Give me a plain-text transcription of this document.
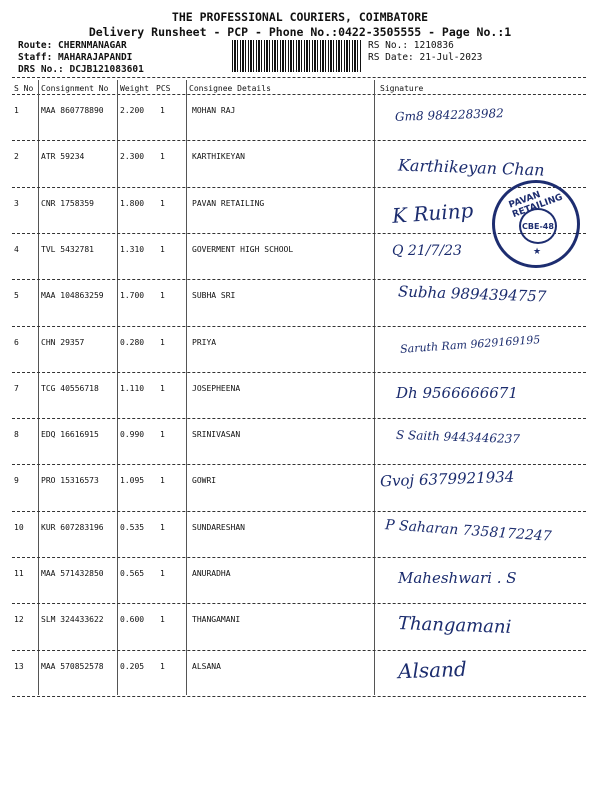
THE PROFESSIONAL COURIERS, COIMBATORE
Delivery Runsheet - PCP - Phone No.:0422-3505555 - Page No.:1
Route: CHERNMANAGAR
Staff: MAHARAJAPANDI
DRS No.: DCJB121083601
RS No.: 1210836
RS Date: 21-Jul-2023
S No Consignment No Weight PCS Consignee Details	Signature
1	MAA 860778890 2.200 1	MOHAN RAJ	Gm8 9842283982
2	ATR 59234	2.300 1	KARTHIKEYAN	Karthikeyan Chan
3	CNR 1758359	1.800 1	PAVAN RETAILING	K Ruinp
4	TVL 5432781	1.310 1	GOVERMENT HIGH SCHOOL	Q 21/7/23
5	MAA 104863259 1.700 1	SUBHA SRI	Subha 9894394757
6	CHN 29357	0.280 1	PRIYA	Saruth Ram 9629169195
7	TCG 40556718	1.110 1	JOSEPHEENA	Dh 9566666671
8	EDQ 16616915	0.990 1	SRINIVASAN	S Saith 9443446237
9	PRO 15316573	1.095 1	GOWRI	Gvoj 6379921934
10 KUR 607283196 0.535 1	SUNDARESHAN	P Saharan 7358172247
11 MAA 571432850 0.565 1	ANURADHA	Maheshwari . S
12 SLM 324433622 0.600 1	THANGAMANI	Thangamani
13 MAA 570852578 0.205 1	ALSANA	Alsand
PAVAN RETAILING
CBE-48
★
